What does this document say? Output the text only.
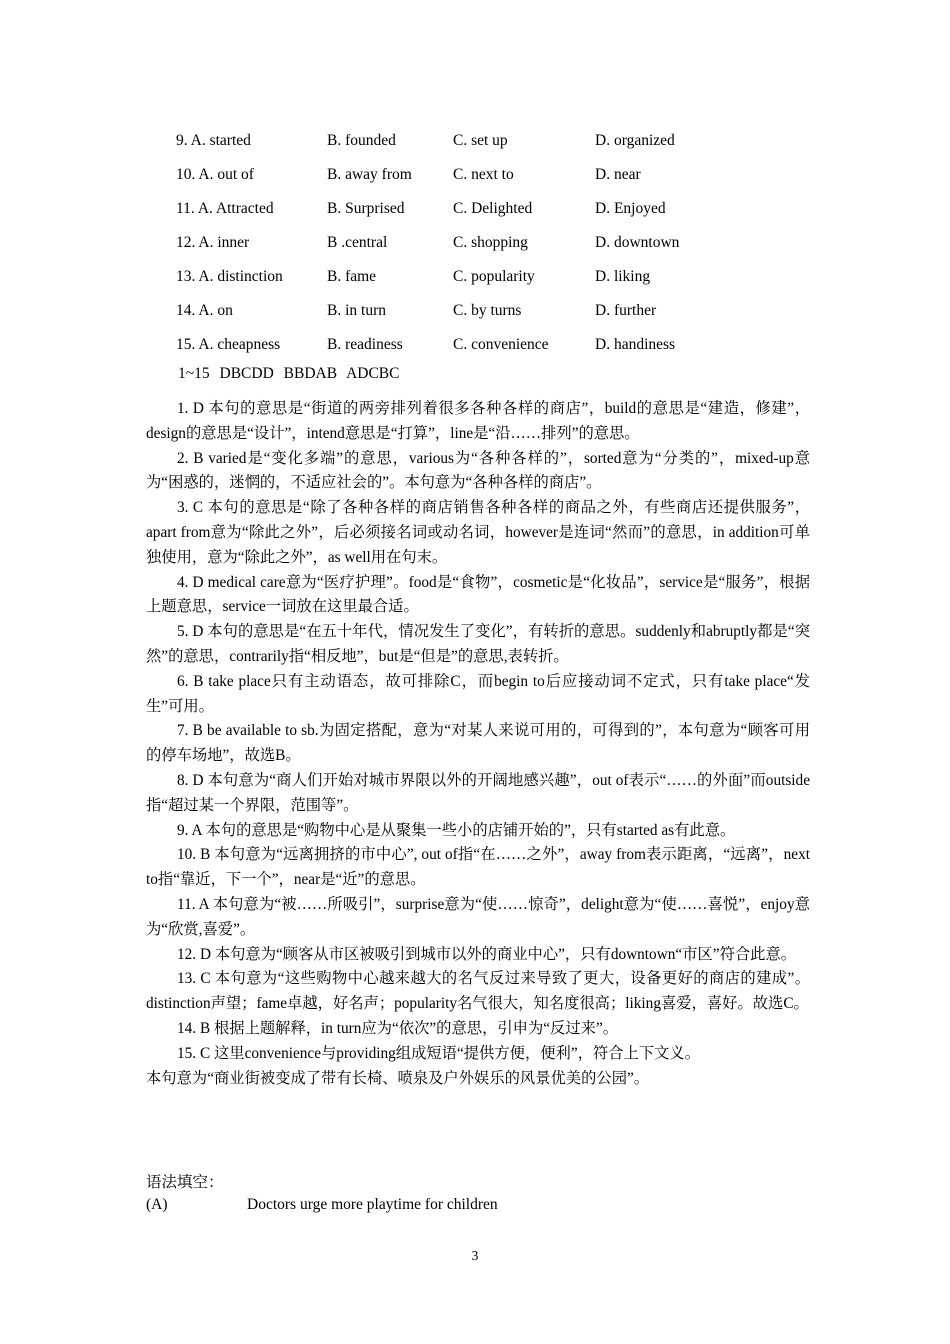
9. A. started	B. founded	C. set up	D. organized
10. A. out of	B. away from	C. next to	D. near
11. A. Attracted	B. Surprised	C. Delighted	D. Enjoyed
12. A. inner	B .central	C. shopping	D. downtown
13. A. distinction	B. fame	C. popularity	D. liking
14. A. on	B. in turn	C. by turns	D. further
15. A. cheapness	B. readiness	C. convenience	D. handiness
1~15 DBCDD BBDAB ADCBC

1. D 本句的意思是“街道的两旁排列着很多各种各样的商店”，build的意思是“建造，修建”，design的意思是“设计”，intend意思是“打算”，line是“沿……排列”的意思。

2. B varied是“变化多端”的意思，various为“各种各样的”，sorted意为“分类的”，mixed-up意为“困惑的，迷惘的，不适应社会的”。本句意为“各种各样的商店”。

3. C 本句的意思是“除了各种各样的商店销售各种各样的商品之外，有些商店还提供服务”，apart from意为“除此之外”，后必须接名词或动名词，however是连词“然而”的意思，in addition可单独使用，意为“除此之外”，as well用在句末。

4. D medical care意为“医疗护理”。food是“食物”，cosmetic是“化妆品”，service是“服务”，根据上题意思，service一词放在这里最合适。

5. D 本句的意思是“在五十年代，情况发生了变化”，有转折的意思。suddenly和abruptly都是“突然”的意思，contrarily指“相反地”，but是“但是”的意思,表转折。

6. B take place只有主动语态，故可排除C，而begin to后应接动词不定式，只有take place“发生”可用。

7. B be available to sb.为固定搭配，意为“对某人来说可用的，可得到的”，本句意为“顾客可用的停车场地”，故选B。

8. D 本句意为“商人们开始对城市界限以外的开阔地感兴趣”，out of表示“……的外面”而outside指“超过某一个界限，范围等”。

9. A 本句的意思是“购物中心是从聚集一些小的店铺开始的”，只有started as有此意。

10. B 本句意为“远离拥挤的市中心”, out of指“在……之外”，away from表示距离，“远离”，next to指“靠近，下一个”，near是“近”的意思。

11. A 本句意为“被……所吸引”，surprise意为“使……惊奇”，delight意为“使……喜悦”，enjoy意为“欣赏,喜爱”。

12. D 本句意为“顾客从市区被吸引到城市以外的商业中心”，只有downtown“市区”符合此意。

13. C 本句意为“这些购物中心越来越大的名气反过来导致了更大，设备更好的商店的建成”。distinction声望；fame卓越，好名声；popularity名气很大，知名度很高；liking喜爱，喜好。故选C。

14. B 根据上题解释，in turn应为“依次”的意思，引申为“反过来”。

15. C 这里convenience与providing组成短语“提供方便，便利”，符合上下文义。

本句意为“商业街被变成了带有长椅、喷泉及户外娱乐的风景优美的公园”。

语法填空：
(A)	Doctors urge more playtime for children
3
